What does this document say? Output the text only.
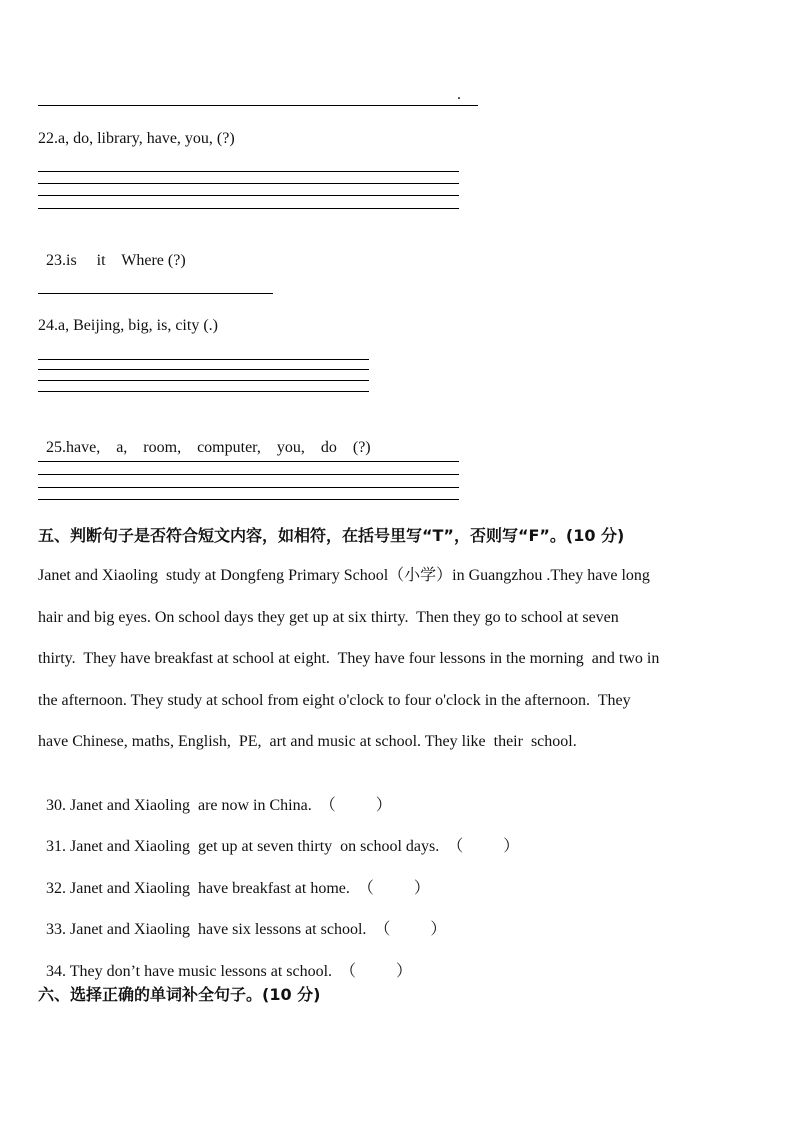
.
22.a, do, library, have, you, (?)

23.is     it    Where (?)

24.a, Beijing, big, is, city (.)

25.have,    a,    room,    computer,    you,    do    (?)

五、判断句子是否符合短文内容，如相符，在括号里写“T”，否则写“F”。(10 分)
Janet and Xiaoling  study at Dongfeng Primary School（小学）in Guangzhou .They have long
hair and big eyes. On school days they get up at six thirty.  Then they go to school at seven
thirty.  They have breakfast at school at eight.  They have four lessons in the morning  and two in
the afternoon. They study at school from eight o'clock to four o'clock in the afternoon.  They
have Chinese, maths, English,  PE,  art and music at school. They like  their  school.

30. Janet and Xiaoling  are now in China. （          ）

31. Janet and Xiaoling  get up at seven thirty  on school days. （          ）

32. Janet and Xiaoling  have breakfast at home. （          ）

33. Janet and Xiaoling  have six lessons at school. （          ）

34. They don’t have music lessons at school. （          ）

六、选择正确的单词补全句子。(10 分)
